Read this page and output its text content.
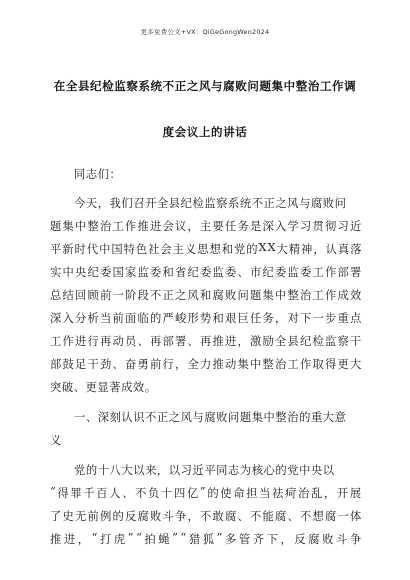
更多免费公文+VX：QiGeGongWen2024
在全县纪检监察系统不正之风与腐败问题集中整治工作调
度会议上的讲话
同志们：
今天，我们召开全县纪检监察系统不正之风与腐败问
题 集 中 整 治 工 作 推 进 会 议 ， 主 要 任 务 是 深 入 学 习 贯 彻 习 近
平 新 时 代 中 国 特 色 社 会 主 义 思 想 和 党 的 X X 大 精 神 ， 认 真 落
实 中 央 纪 委 国 家 监 委 和 省 纪 委 监 委 、 市 纪 委 监 委 工 作 部 署
总 结 回 顾 前 一 阶 段 不 正 之 风 和 腐 败 问 题 集 中 整 治 工 作 成 效
深 入 分 析 当 前 面 临 的 严 峻 形 势 和 艰 巨 任 务 ， 对 下 一 步 重 点
工 作 进 行 再 动 员 、 再 部 署 、 再 推 进 ， 激 励 全 县 纪 检 监 察 干
部 鼓 足 干 劲 、 奋 勇 前 行 ， 全 力 推 动 集 中 整 治 工 作 取 得 更 大
突破、更显著成效。
一、深刻认识不正之风与腐败问题集中整治的重大意
义
党的十八大以来，以习近平同志为核心的党中央以
“ 得 罪 千 百 人 、 不 负 十 四 亿 ” 的 使 命 担 当 祛 疴 治 乱 ， 开 展
了 史 无 前 例 的 反 腐 败 斗 争 ， 不 敢 腐 、 不 能 腐 、 不 想 腐 一 体
推 进 ， “ 打 虎 ” “ 拍 蝇 ” “ 猎 狐 ” 多 管 齐 下 ， 反 腐 败 斗 争
